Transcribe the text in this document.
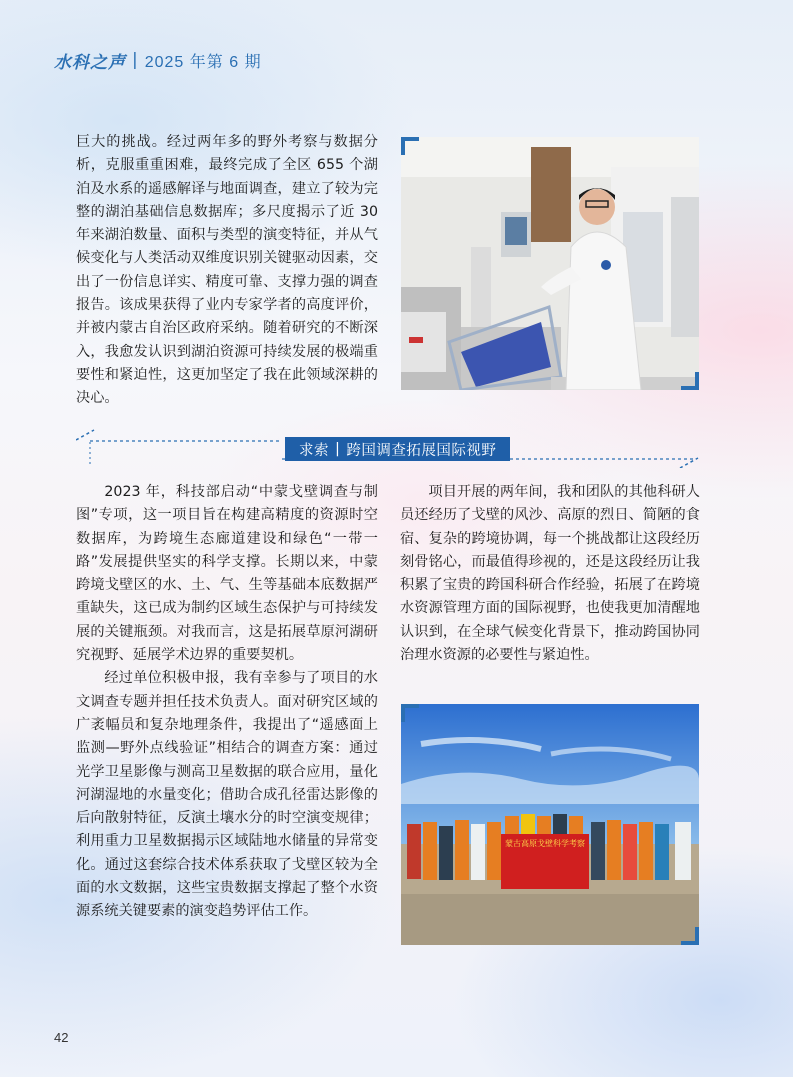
水科之声 | 2025 年第 6 期

巨大的挑战。经过两年多的野外考察与数据分析，克服重重困难，最终完成了全区 655 个湖泊及水系的遥感解译与地面调查，建立了较为完整的湖泊基础信息数据库；多尺度揭示了近 30 年来湖泊数量、面积与类型的演变特征，并从气候变化与人类活动双维度识别关键驱动因素，交出了一份信息详实、精度可靠、支撑力强的调查报告。该成果获得了业内专家学者的高度评价，并被内蒙古自治区政府采纳。随着研究的不断深入，我愈发认识到湖泊资源可持续发展的极端重要性和紧迫性，这更加坚定了我在此领域深耕的决心。

求索 | 跨国调查拓展国际视野

2023 年，科技部启动“中蒙戈壁调查与制图”专项，这一项目旨在构建高精度的资源时空数据库，为跨境生态廊道建设和绿色“一带一路”发展提供坚实的科学支撑。长期以来，中蒙跨境戈壁区的水、土、气、生等基础本底数据严重缺失，这已成为制约区域生态保护与可持续发展的关键瓶颈。对我而言，这是拓展草原河湖研究视野、延展学术边界的重要契机。

经过单位积极申报，我有幸参与了项目的水文调查专题并担任技术负责人。面对研究区域的广袤幅员和复杂地理条件，我提出了“遥感面上监测—野外点线验证”相结合的调查方案：通过光学卫星影像与测高卫星数据的联合应用，量化河湖湿地的水量变化；借助合成孔径雷达影像的后向散射特征，反演土壤水分的时空演变规律；利用重力卫星数据揭示区域陆地水储量的异常变化。通过这套综合技术体系获取了戈壁区较为全面的水文数据，这些宝贵数据支撑起了整个水资源系统关键要素的演变趋势评估工作。

项目开展的两年间，我和团队的其他科研人员还经历了戈壁的风沙、高原的烈日、简陋的食宿、复杂的跨境协调，每一个挑战都让这段经历刻骨铭心，而最值得珍视的，还是这段经历让我积累了宝贵的跨国科研合作经验，拓展了在跨境水资源管理方面的国际视野，也使我更加清醒地认识到，在全球气候变化背景下，推动跨国协同治理水资源的必要性与紧迫性。

蒙古高原戈壁科学考察
42
